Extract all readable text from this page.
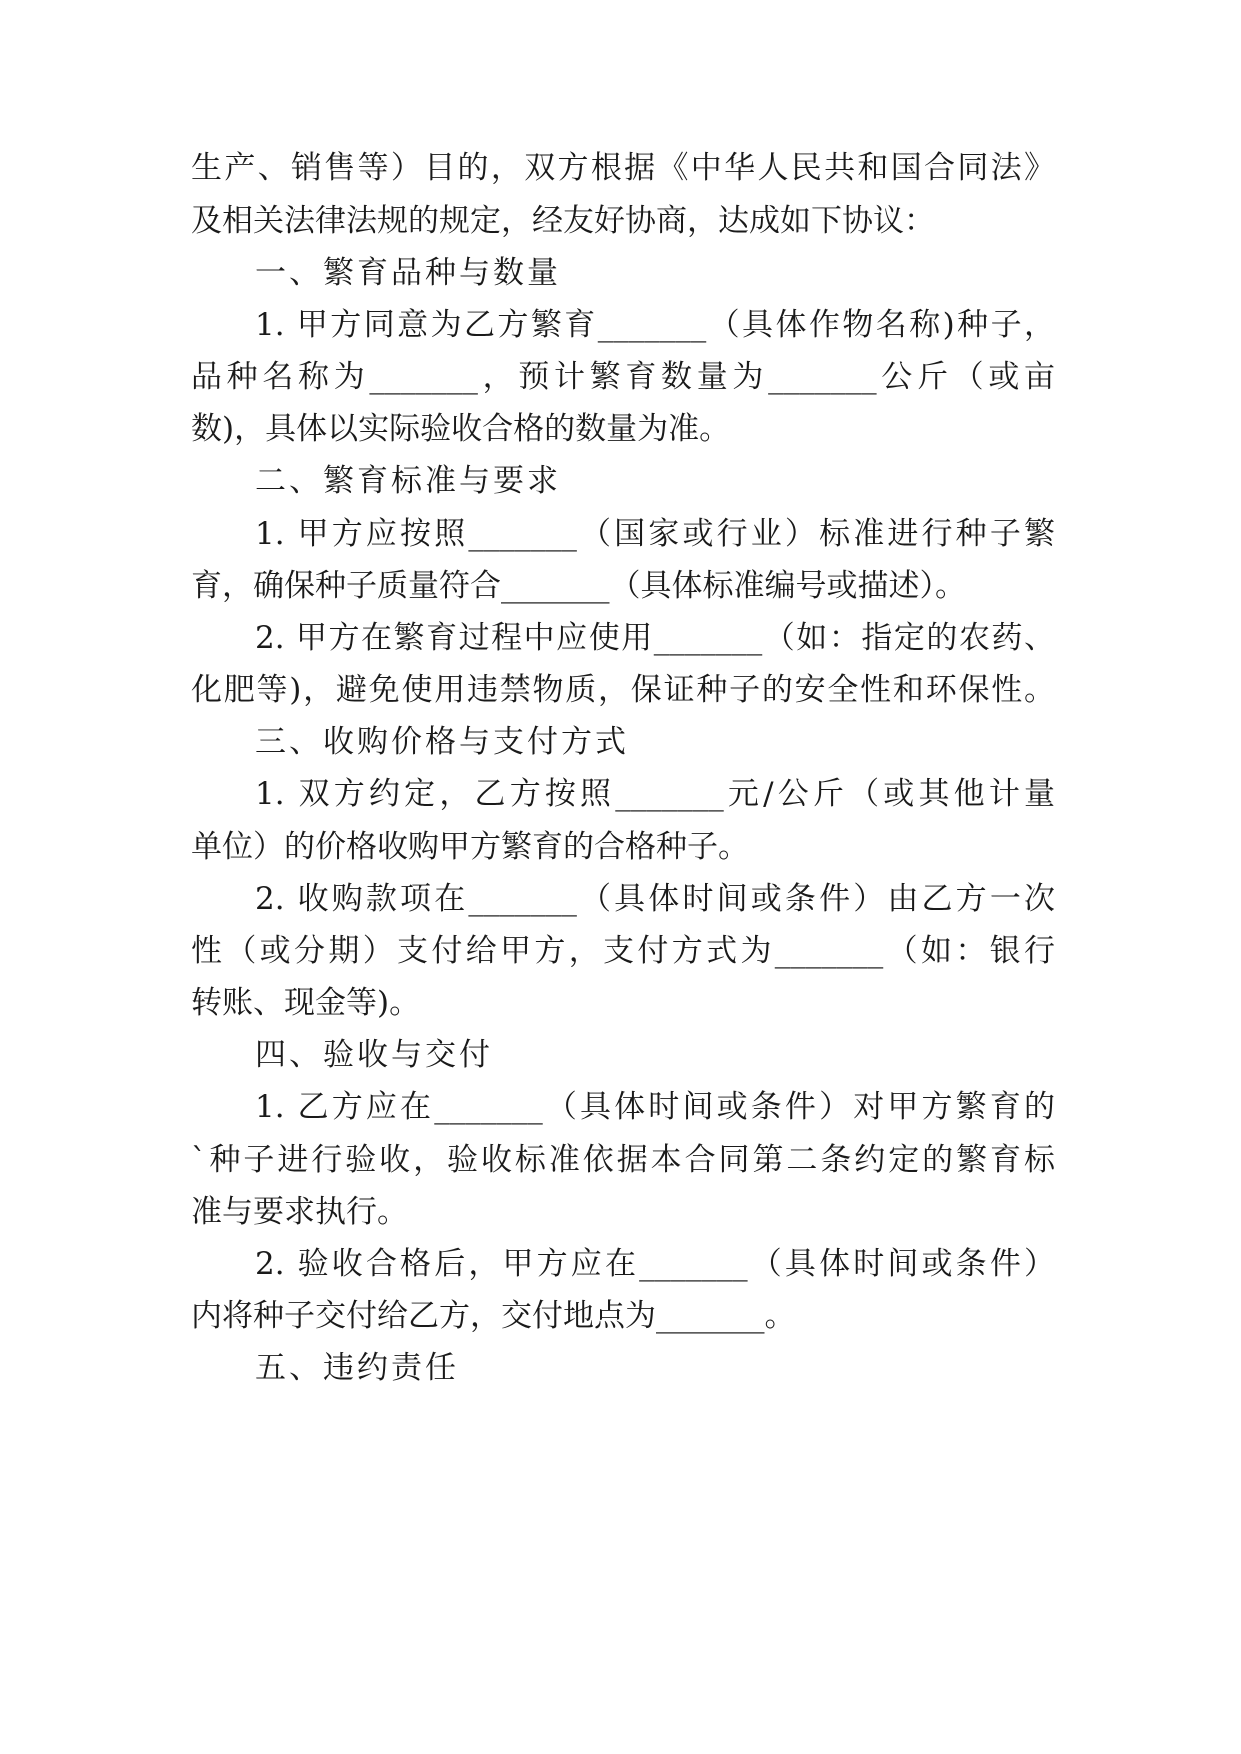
生产、销售等）目的，双方根据《中华人民共和国合同法》
及相关法律法规的规定，经友好协商，达成如下协议：
一、繁育品种与数量
1. 甲方同意为乙方繁育_______（具体作物名称)种子，
品种名称为_______，预计繁育数量为_______公斤（或亩
数)，具体以实际验收合格的数量为准。
二、繁育标准与要求
1. 甲方应按照_______（国家或行业）标准进行种子繁
育，确保种子质量符合_______（具体标准编号或描述）。
2. 甲方在繁育过程中应使用_______（如：指定的农药、
化肥等)，避免使用违禁物质，保证种子的安全性和环保性。
三、收购价格与支付方式
1. 双方约定，乙方按照_______元/公斤（或其他计量
单位）的价格收购甲方繁育的合格种子。
2. 收购款项在_______（具体时间或条件）由乙方一次
性（或分期）支付给甲方，支付方式为_______（如：银行
转账、现金等)。
四、验收与交付
1. 乙方应在_______（具体时间或条件）对甲方繁育的
`种子进行验收，验收标准依据本合同第二条约定的繁育标
准与要求执行。
2. 验收合格后，甲方应在_______（具体时间或条件）
内将种子交付给乙方，交付地点为_______。
五、违约责任
